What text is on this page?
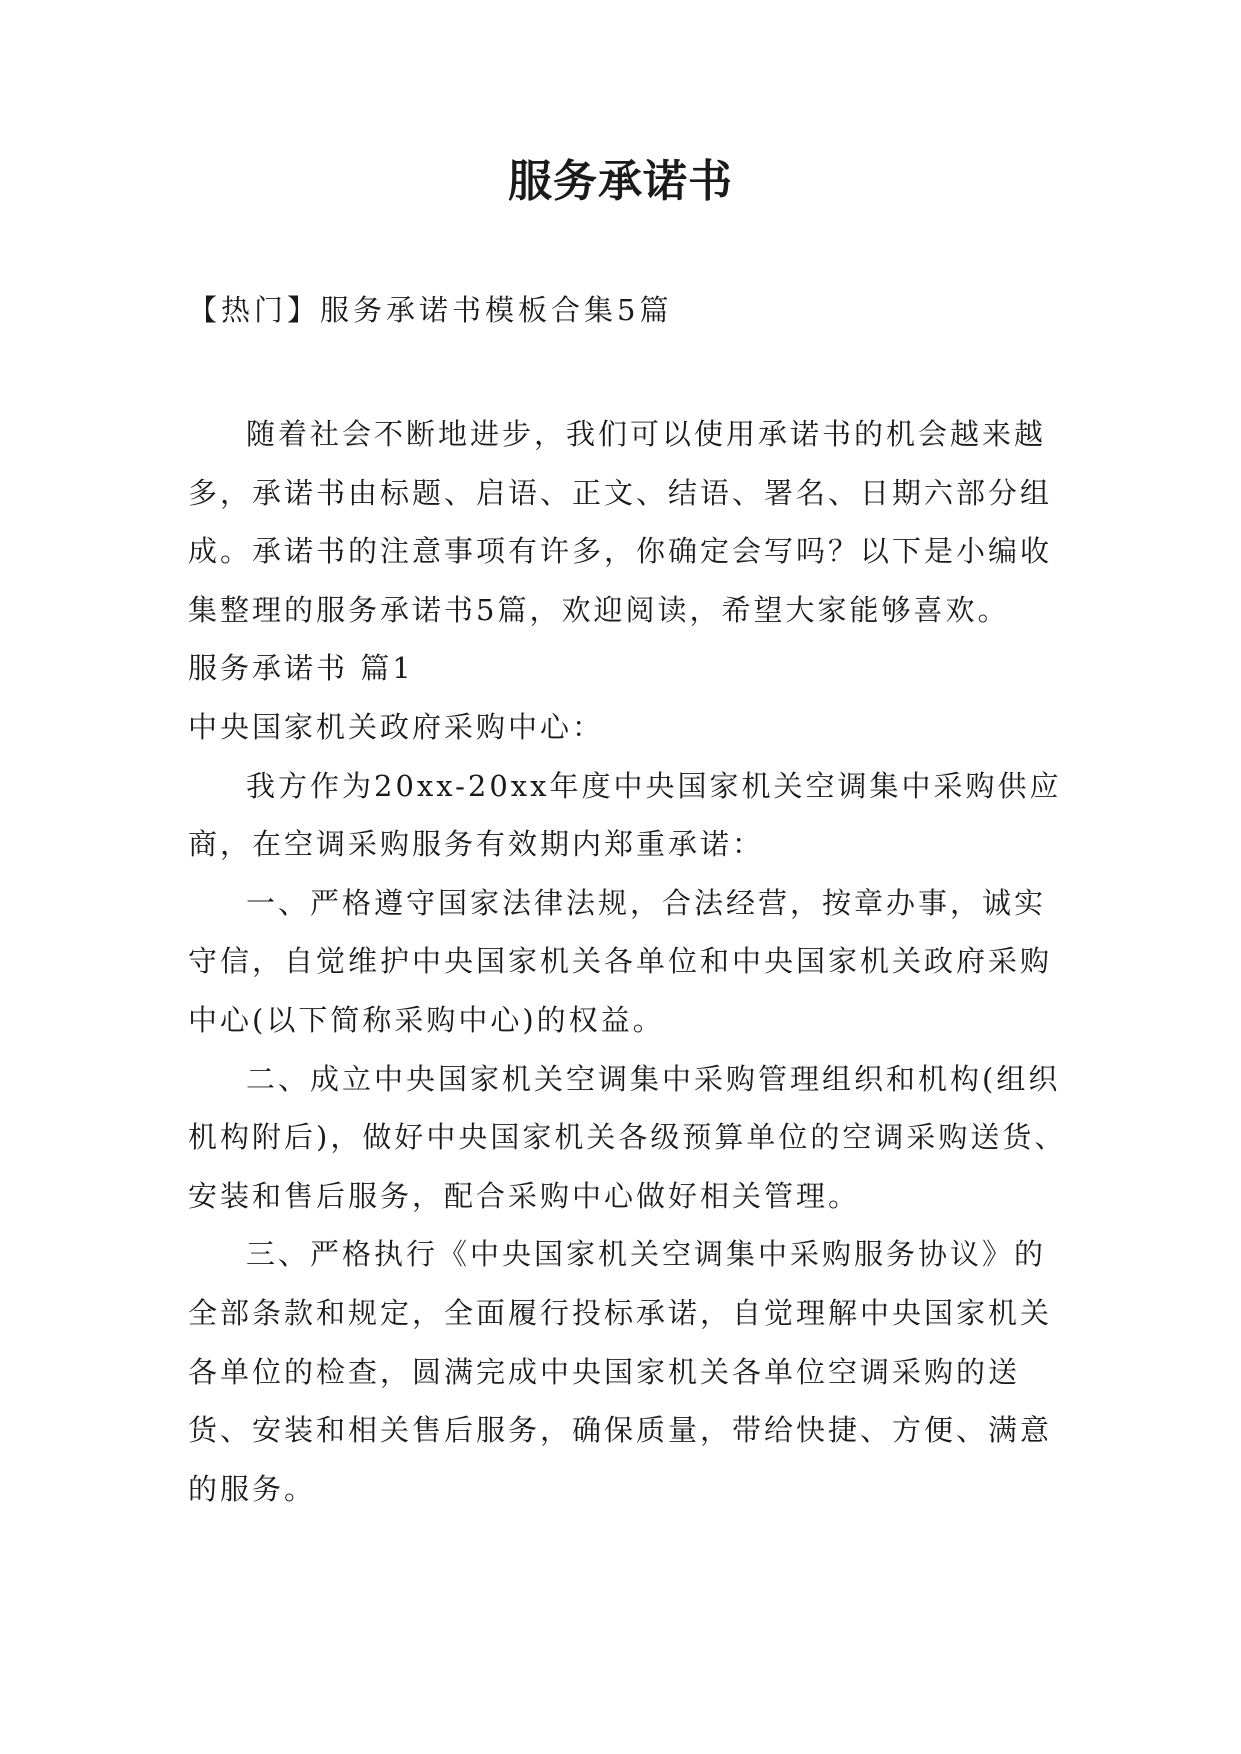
服务承诺书
【热门】服务承诺书模板合集5篇

随着社会不断地进步，我们可以使用承诺书的机会越来越多，承诺书由标题、启语、正文、结语、署名、日期六部分组成。承诺书的注意事项有许多，你确定会写吗？以下是小编收集整理的服务承诺书5篇，欢迎阅读，希望大家能够喜欢。

服务承诺书 篇1

中央国家机关政府采购中心：

我方作为20xx-20xx年度中央国家机关空调集中采购供应商，在空调采购服务有效期内郑重承诺：

一、严格遵守国家法律法规，合法经营，按章办事，诚实守信，自觉维护中央国家机关各单位和中央国家机关政府采购中心(以下简称采购中心)的权益。

二、成立中央国家机关空调集中采购管理组织和机构(组织机构附后)，做好中央国家机关各级预算单位的空调采购送货、安装和售后服务，配合采购中心做好相关管理。

三、严格执行《中央国家机关空调集中采购服务协议》的全部条款和规定，全面履行投标承诺，自觉理解中央国家机关各单位的检查，圆满完成中央国家机关各单位空调采购的送货、安装和相关售后服务，确保质量，带给快捷、方便、满意的服务。
